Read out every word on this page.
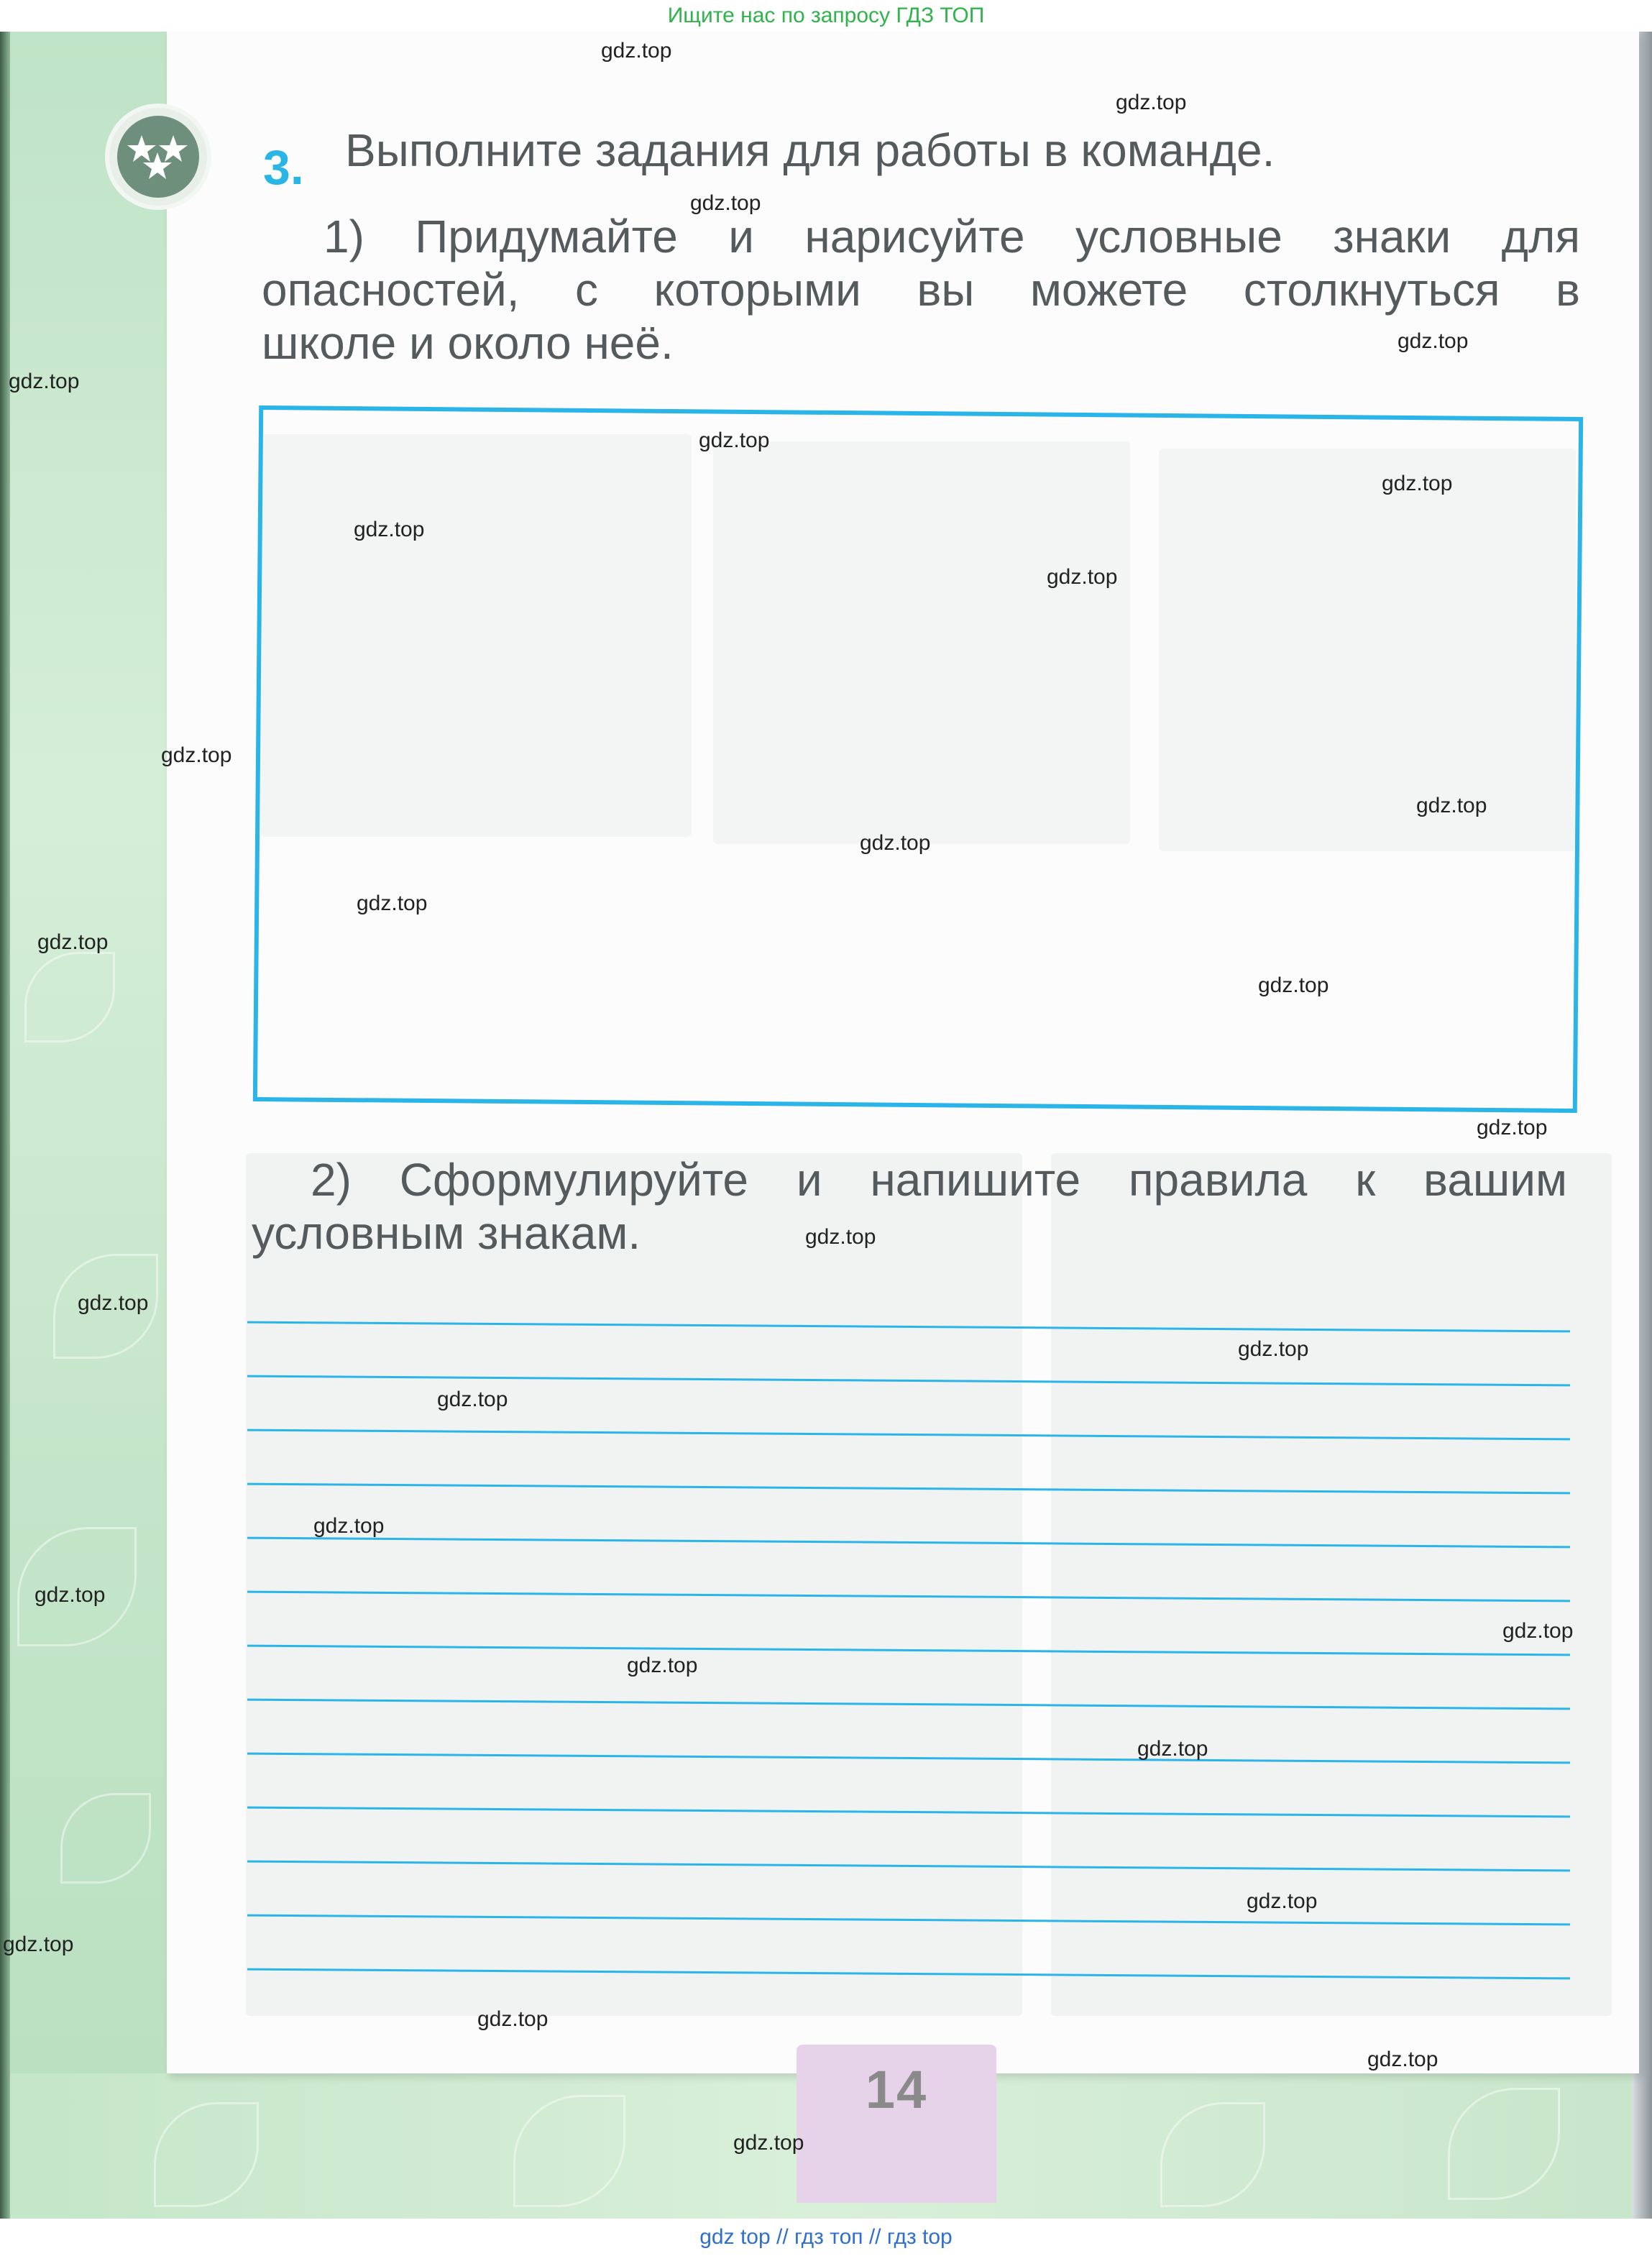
Ищите нас по запросу ГДЗ ТОП
3. Выполните задания для работы в команде.
1) Придумайте и нарисуйте условные знаки для
опасностей, с которыми вы можете столкнуться в
школе и около неё.
2) Сформулируйте и напишите правила к вашим
условным знакам.
14
gdz.top
gdz.top
gdz.top
gdz.top
gdz.top
gdz.top
gdz.top
gdz.top
gdz.top
gdz.top
gdz.top
gdz.top
gdz.top
gdz.top
gdz.top
gdz.top
gdz.top
gdz.top
gdz.top
gdz.top
gdz.top
gdz.top
gdz.top
gdz.top
gdz.top
gdz.top
gdz.top
gdz.top
gdz.top
gdz.top
gdz top // гдз топ // гдз top
